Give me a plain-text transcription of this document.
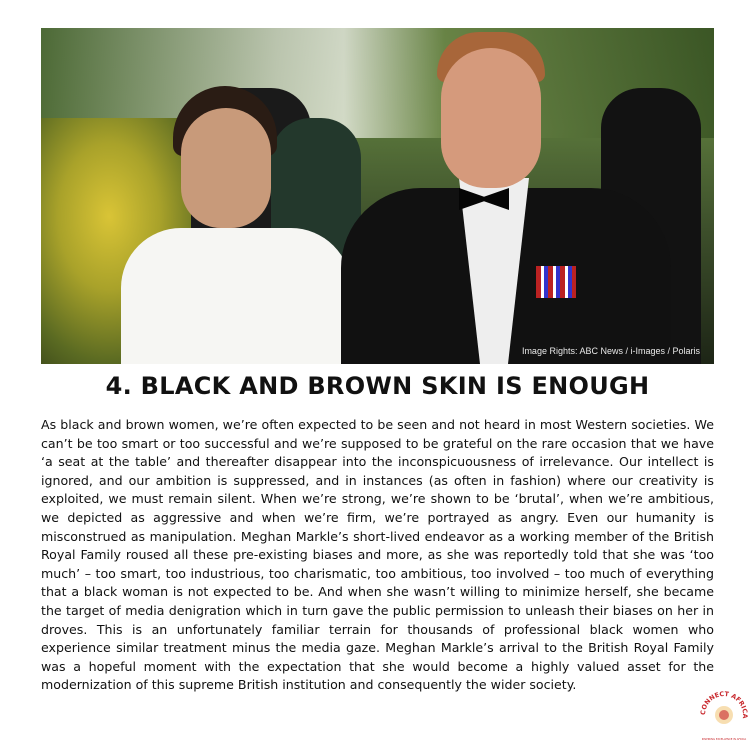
Image Rights: ABC News / i-Images / Polaris
4. BLACK AND BROWN SKIN IS ENOUGH

As black and brown women, we’re often expected to be seen and not heard in most Western societies. We can’t be too smart or too successful and we’re supposed to be grateful on the rare occasion that we have ‘a seat at the table’ and thereafter disappear into the inconspicuousness of irrelevance. Our intellect is ignored, and our ambition is suppressed, and in instances (as often in fashion) where our creativity is exploited, we must remain silent. When we’re strong, we’re shown to be ‘brutal’, when we’re ambitious, we depicted as aggressive and when we’re firm, we’re portrayed as angry. Even our humanity is misconstrued as manipulation. Meghan Markle’s short-lived endeavor as a working member of the British Royal Family roused all these pre-existing biases and more, as she was reportedly told that she was ‘too much’ – too smart, too industrious, too charismatic, too ambitious, too involved – too much of everything that a black woman is not expected to be. And when she wasn’t willing to minimize herself, she became the target of media denigration which in turn gave the public permission to unleash their biases on her in droves. This is an unfortunately familiar terrain for thousands of professional black women who experience similar treatment minus the media gaze. Meghan Markle’s arrival to the British Royal Family was a hopeful moment with the expectation that she would become a highly valued asset for the modernization of this supreme British institution and consequently the wider society.

CONNECT AFRICA
INSPIRING EXCELLENCE IN AFRICA
